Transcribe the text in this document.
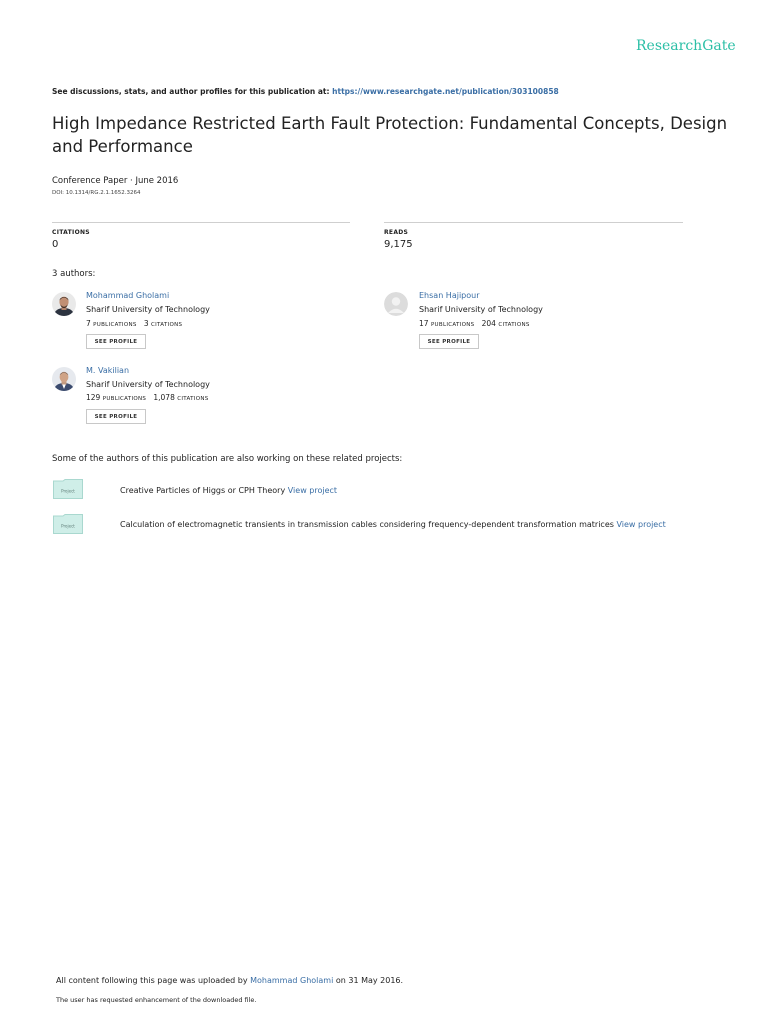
ResearchGate
See discussions, stats, and author profiles for this publication at: https://www.researchgate.net/publication/303100858
High Impedance Restricted Earth Fault Protection: Fundamental Concepts, Design and Performance
Conference Paper · June 2016
DOI: 10.1314/RG.2.1.1652.3264
CITATIONS
0
READS
9,175
3 authors:
Mohammad Gholami
Sharif University of Technology
7 PUBLICATIONS 3 CITATIONS
SEE PROFILE
Ehsan Hajipour
Sharif University of Technology
17 PUBLICATIONS 204 CITATIONS
SEE PROFILE
M. Vakilian
Sharif University of Technology
129 PUBLICATIONS 1,078 CITATIONS
SEE PROFILE
Some of the authors of this publication are also working on these related projects:
Project	Creative Particles of Higgs or CPH Theory View project
Project	Calculation of electromagnetic transients in transmission cables considering frequency-dependent transformation matrices View project
All content following this page was uploaded by Mohammad Gholami on 31 May 2016.
The user has requested enhancement of the downloaded file.
